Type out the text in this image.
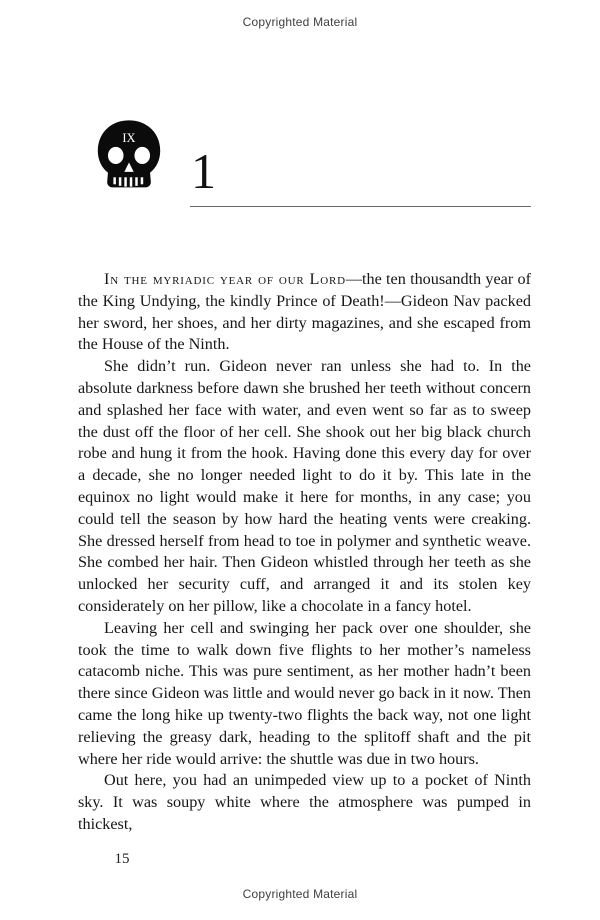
Copyrighted Material
IX
1

In the myriadic year of our Lord—the ten thousandth year of the King Undying, the kindly Prince of Death!—Gideon Nav packed her sword, her shoes, and her dirty magazines, and she escaped from the House of the Ninth.

She didn’t run. Gideon never ran unless she had to. In the absolute darkness before dawn she brushed her teeth without concern and splashed her face with water, and even went so far as to sweep the dust off the floor of her cell. She shook out her big black church robe and hung it from the hook. Having done this every day for over a decade, she no longer needed light to do it by. This late in the equinox no light would make it here for months, in any case; you could tell the season by how hard the heating vents were creaking. She dressed herself from head to toe in polymer and synthetic weave. She combed her hair. Then Gideon whistled through her teeth as she unlocked her security cuff, and arranged it and its stolen key considerately on her pillow, like a chocolate in a fancy hotel.

Leaving her cell and swinging her pack over one shoulder, she took the time to walk down five flights to her mother’s nameless catacomb niche. This was pure sentiment, as her mother hadn’t been there since Gideon was little and would never go back in it now. Then came the long hike up twenty-two flights the back way, not one light relieving the greasy dark, heading to the splitoff shaft and the pit where her ride would arrive: the shuttle was due in two hours.

Out here, you had an unimpeded view up to a pocket of Ninth sky. It was soupy white where the atmosphere was pumped in thickest,

15
Copyrighted Material
